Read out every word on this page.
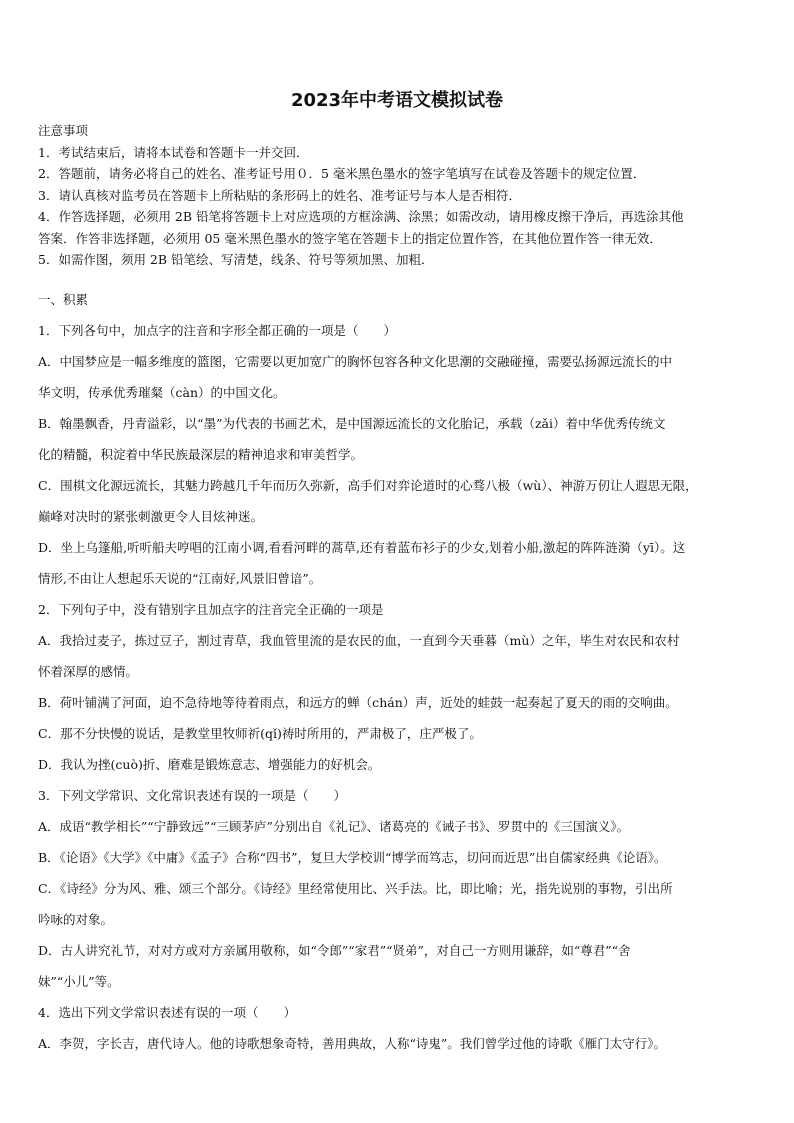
2023年中考语文模拟试卷

注意事项

1．考试结束后，请将本试卷和答题卡一并交回．

2．答题前，请务必将自己的姓名、准考证号用０．5 毫米黑色墨水的签字笔填写在试卷及答题卡的规定位置．

3．请认真核对监考员在答题卡上所粘贴的条形码上的姓名、准考证号与本人是否相符．

4．作答选择题，必须用 2B 铅笔将答题卡上对应选项的方框涂满、涂黑；如需改动，请用橡皮擦干净后，再选涂其他

答案．作答非选择题，必须用 05 毫米黑色墨水的签字笔在答题卡上的指定位置作答，在其他位置作答一律无效．

5．如需作图，须用 2B 铅笔绘、写清楚，线条、符号等须加黑、加粗．

一、积累

1．下列各句中，加点字的注音和字形全都正确的一项是（　　）

A．中国梦应是一幅多维度的篮图，它需要以更加宽广的胸怀包容各种文化思潮的交融碰撞，需要弘扬源远流长的中

华文明，传承优秀璀粲（càn）的中国文化。

B．翰墨飘香，丹青溢彩，以“墨”为代表的书画艺术，是中国源远流长的文化胎记，承载（zǎi）着中华优秀传统文

化的精髓，积淀着中华民族最深层的精神追求和审美哲学。

C．围棋文化源远流长，其魅力跨越几千年而历久弥新，高手们对弈论道时的心骛八极（wù）、神游万仞让人遐思无限，

巅峰对决时的紧张刺激更令人目炫神迷。

D．坐上乌篷船,听听船夫哼唱的江南小调,看看河畔的蒿草,还有着蓝布衫子的少女,划着小船,激起的阵阵涟漪（yī）。这

情形,不由让人想起乐天说的“江南好,风景旧曾谙”。

2．下列句子中，没有错别字且加点字的注音完全正确的一项是

A．我拾过麦子，拣过豆子，割过青草，我血管里流的是农民的血，一直到今天垂暮（mù）之年，毕生对农民和农村

怀着深厚的感情。

B．荷叶铺满了河面，迫不急待地等待着雨点，和远方的蝉（chán）声，近处的蛙鼓一起奏起了夏天的雨的交响曲。

C．那不分快慢的说话，是教堂里牧师祈(qǐ)祷时所用的，严肃极了，庄严极了。

D．我认为挫(cuò)折、磨难是锻炼意志、增强能力的好机会。

3．下列文学常识、文化常识表述有误的一项是（　　）

A．成语“教学相长”“宁静致远”“三顾茅庐”分别出自《礼记》、诸葛亮的《诫子书》、罗贯中的《三国演义》。

B．《论语》《大学》《中庸》《孟子》合称“四书”，复旦大学校训“博学而笃志，切问而近思”出自儒家经典《论语》。

C．《诗经》分为风、雅、颂三个部分。《诗经》里经常使用比、兴手法。比，即比喻；光，指先说别的事物，引出所

吟咏的对象。

D．古人讲究礼节，对对方或对方亲属用敬称，如“令郎”“家君”“贤弟”，对自己一方则用谦辞，如“尊君”“舍

妹”“小儿”等。

4．选出下列文学常识表述有误的一项（　　）

A．李贺，字长吉，唐代诗人。他的诗歌想象奇特，善用典故，人称“诗鬼”。我们曾学过他的诗歌《雁门太守行》。
